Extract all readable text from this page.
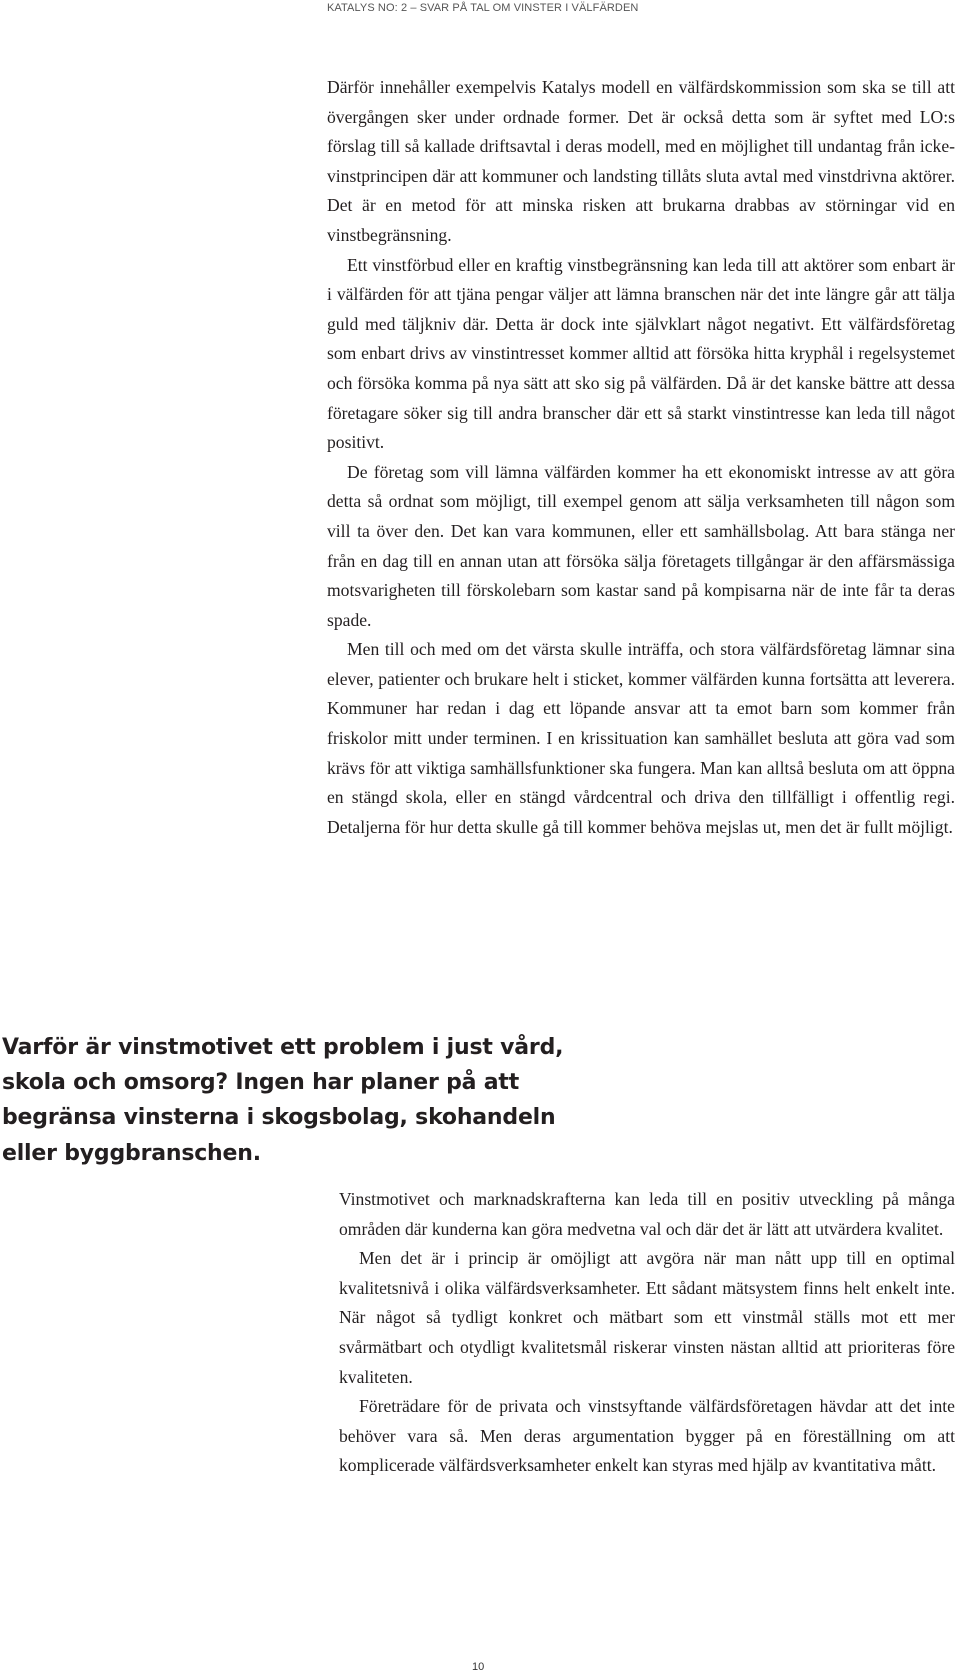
KATALYS NO: 2 – SVAR PÅ TAL OM VINSTER I VÄLFÄRDEN

Därför innehåller exempelvis Katalys modell en välfärdskommission som ska se till att övergången sker under ordnade former. Det är också detta som är syftet med LO:s förslag till så kallade driftsavtal i deras modell, med en möjlighet till undantag från icke-vinstprincipen där att kommuner och landsting tillåts sluta avtal med vinstdrivna aktörer. Det är en metod för att minska risken att brukarna drabbas av störningar vid en vinstbegränsning.

Ett vinstförbud eller en kraftig vinstbegränsning kan leda till att aktörer som enbart är i välfärden för att tjäna pengar väljer att lämna branschen när det inte längre går att tälja guld med täljkniv där. Detta är dock inte självklart något negativt. Ett välfärdsföretag som enbart drivs av vinstintresset kommer alltid att försöka hitta kryphål i regelsystemet och försöka komma på nya sätt att sko sig på välfärden. Då är det kanske bättre att dessa företagare söker sig till andra branscher där ett så starkt vinstintresse kan leda till något positivt.

De företag som vill lämna välfärden kommer ha ett ekonomiskt intresse av att göra detta så ordnat som möjligt, till exempel genom att sälja verksamheten till någon som vill ta över den. Det kan vara kommunen, eller ett samhällsbolag. Att bara stänga ner från en dag till en annan utan att försöka sälja företagets tillgångar är den affärsmässiga motsvarigheten till förskolebarn som kastar sand på kompisarna när de inte får ta deras spade.

Men till och med om det värsta skulle inträffa, och stora välfärdsföretag lämnar sina elever, patienter och brukare helt i sticket, kommer välfärden kunna fortsätta att leverera. Kommuner har redan i dag ett löpande ansvar att ta emot barn som kommer från friskolor mitt under terminen. I en krissituation kan samhället besluta att göra vad som krävs för att viktiga samhällsfunktioner ska fungera. Man kan alltså besluta om att öppna en stängd skola, eller en stängd vårdcentral och driva den tillfälligt i offentlig regi. Detaljerna för hur detta skulle gå till kommer behöva mejslas ut, men det är fullt möjligt.

Varför är vinstmotivet ett problem i just vård, skola och omsorg? Ingen har planer på att begränsa vinsterna i skogsbolag, skohandeln eller byggbranschen.

Vinstmotivet och marknadskrafterna kan leda till en positiv utveckling på många områden där kunderna kan göra medvetna val och där det är lätt att utvärdera kvalitet.

Men det är i princip är omöjligt att avgöra när man nått upp till en optimal kvalitetsnivå i olika välfärdsverksamheter. Ett sådant mätsystem finns helt enkelt inte. När något så tydligt konkret och mätbart som ett vinstmål ställs mot ett mer svårmätbart och otydligt kvalitetsmål riskerar vinsten nästan alltid att prioriteras före kvaliteten.

Företrädare för de privata och vinstsyftande välfärdsföretagen hävdar att det inte behöver vara så. Men deras argumentation bygger på en föreställning om att komplicerade välfärdsverksamheter enkelt kan styras med hjälp av kvantitativa mått.

10
